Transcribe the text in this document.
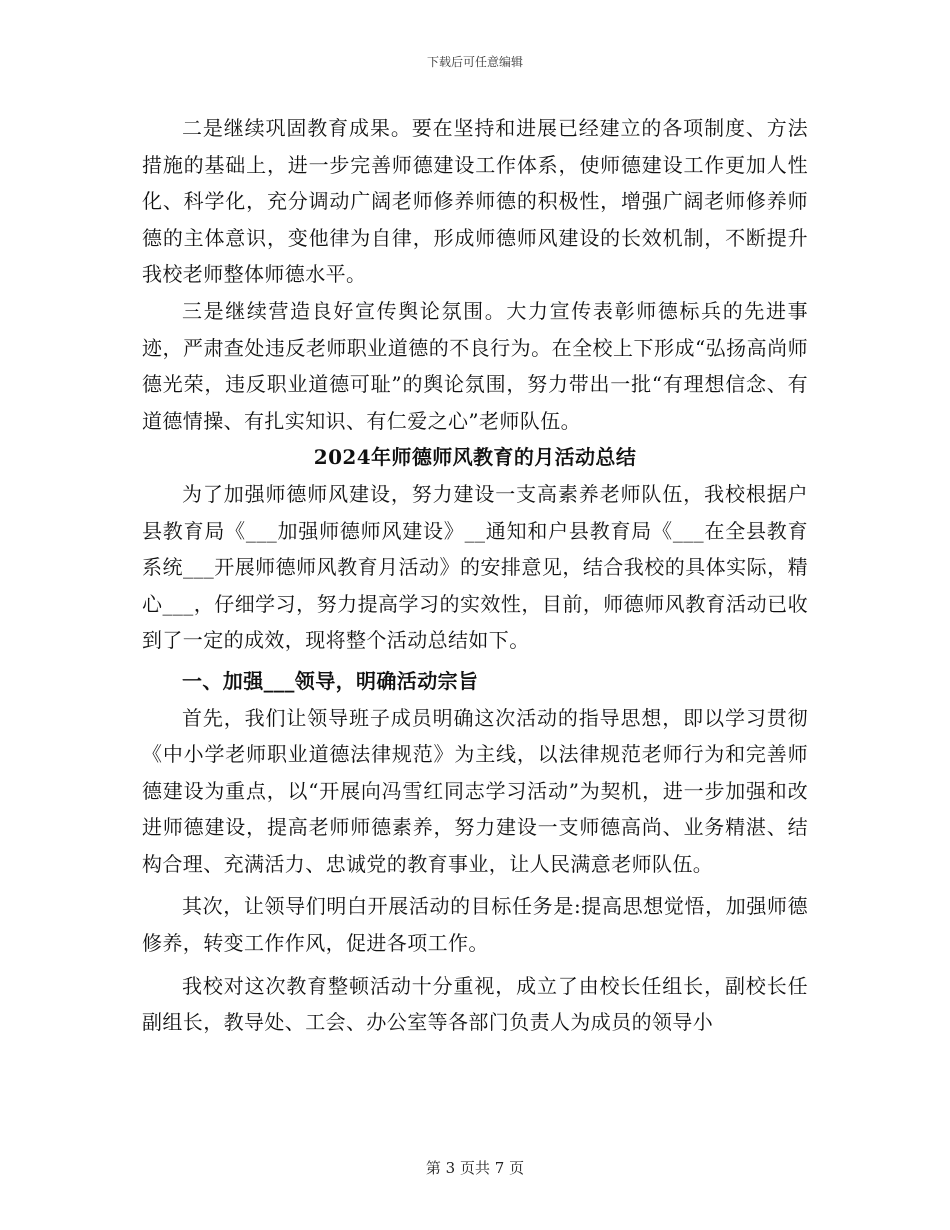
下载后可任意编辑

二是继续巩固教育成果。要在坚持和进展已经建立的各项制度、方法措施的基础上，进一步完善师德建设工作体系，使师德建设工作更加人性化、科学化，充分调动广阔老师修养师德的积极性，增强广阔老师修养师德的主体意识，变他律为自律，形成师德师风建设的长效机制，不断提升我校老师整体师德水平。

三是继续营造良好宣传舆论氛围。大力宣传表彰师德标兵的先进事迹，严肃查处违反老师职业道德的不良行为。在全校上下形成“弘扬高尚师德光荣，违反职业道德可耻”的舆论氛围，努力带出一批“有理想信念、有道德情操、有扎实知识、有仁爱之心”老师队伍。

2024年师德师风教育的月活动总结

为了加强师德师风建设，努力建设一支高素养老师队伍，我校根据户县教育局《___加强师德师风建设》__通知和户县教育局《___在全县教育系统___开展师德师风教育月活动》的安排意见，结合我校的具体实际，精心___，仔细学习，努力提高学习的实效性，目前，师德师风教育活动已收到了一定的成效，现将整个活动总结如下。

一、加强___领导，明确活动宗旨

首先，我们让领导班子成员明确这次活动的指导思想，即以学习贯彻《中小学老师职业道德法律规范》为主线，以法律规范老师行为和完善师德建设为重点，以“开展向冯雪红同志学习活动”为契机，进一步加强和改进师德建设，提高老师师德素养，努力建设一支师德高尚、业务精湛、结构合理、充满活力、忠诚党的教育事业，让人民满意老师队伍。

其次，让领导们明白开展活动的目标任务是:提高思想觉悟，加强师德修养，转变工作作风，促进各项工作。

我校对这次教育整顿活动十分重视，成立了由校长任组长，副校长任副组长，教导处、工会、办公室等各部门负责人为成员的领导小

第 3 页共 7 页
